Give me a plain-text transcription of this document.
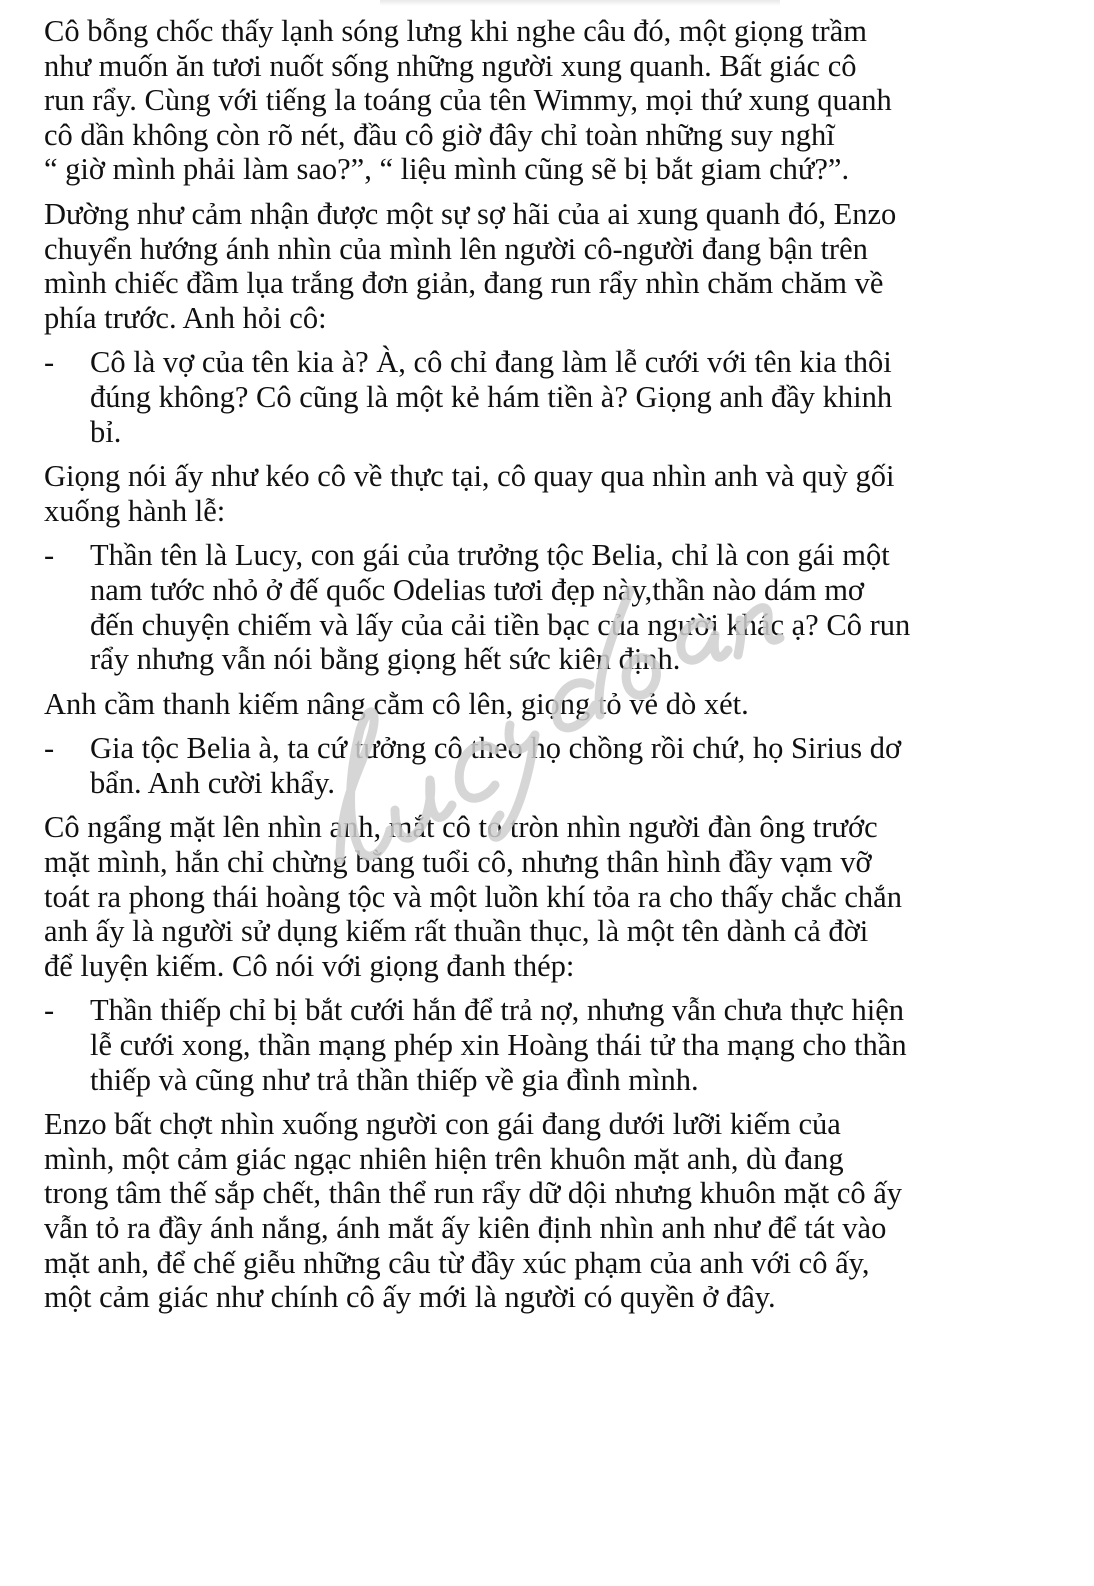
Cô bỗng chốc thấy lạnh sóng lưng khi nghe câu đó, một giọng trầm
như muốn ăn tươi nuốt sống những người xung quanh. Bất giác cô
run rẩy. Cùng với tiếng la toáng của tên Wimmy, mọi thứ xung quanh
cô dần không còn rõ nét, đầu cô giờ đây chỉ toàn những suy nghĩ
“ giờ mình phải làm sao?”, “ liệu mình cũng sẽ bị bắt giam chứ?”.
Dường như cảm nhận được một sự sợ hãi của ai xung quanh đó, Enzo
chuyển hướng ánh nhìn của mình lên người cô-người đang bận trên
mình chiếc đầm lụa trắng đơn giản, đang run rẩy nhìn chăm chăm về
phía trước. Anh hỏi cô:
- Cô là vợ của tên kia à? À, cô chỉ đang làm lễ cưới với tên kia thôi
đúng không? Cô cũng là một kẻ hám tiền à? Giọng anh đầy khinh
bỉ.
Giọng nói ấy như kéo cô về thực tại, cô quay qua nhìn anh và quỳ gối
xuống hành lễ:
- Thần tên là Lucy, con gái của trưởng tộc Belia, chỉ là con gái một
nam tước nhỏ ở đế quốc Odelias tươi đẹp này,thần nào dám mơ
đến chuyện chiếm và lấy của cải tiền bạc của người khác ạ? Cô run
rẩy nhưng vẫn nói bằng giọng hết sức kiên định.
Anh cầm thanh kiếm nâng cằm cô lên, giọng tỏ vẻ dò xét.
- Gia tộc Belia à, ta cứ tưởng cô theo họ chồng rồi chứ, họ Sirius dơ
bẩn. Anh cười khẩy.
Cô ngẩng mặt lên nhìn anh, mắt cô to tròn nhìn người đàn ông trước
mặt mình, hắn chỉ chừng bằng tuổi cô, nhưng thân hình đầy vạm vỡ
toát ra phong thái hoàng tộc và một luồn khí tỏa ra cho thấy chắc chắn
anh ấy là người sử dụng kiếm rất thuần thục, là một tên dành cả đời
để luyện kiếm. Cô nói với giọng đanh thép:
- Thần thiếp chỉ bị bắt cưới hắn để trả nợ, nhưng vẫn chưa thực hiện
lễ cưới xong, thần mạng phép xin Hoàng thái tử tha mạng cho thần
thiếp và cũng như trả thần thiếp về gia đình mình.
Enzo bất chợt nhìn xuống người con gái đang dưới lưỡi kiếm của
mình, một cảm giác ngạc nhiên hiện trên khuôn mặt anh, dù đang
trong tâm thế sắp chết, thân thể run rẩy dữ dội nhưng khuôn mặt cô ấy
vẫn tỏ ra đầy ánh nắng, ánh mắt ấy kiên định nhìn anh như để tát vào
mặt anh, để chế giễu những câu từ đầy xúc phạm của anh với cô ấy,
một cảm giác như chính cô ấy mới là người có quyền ở đây.
